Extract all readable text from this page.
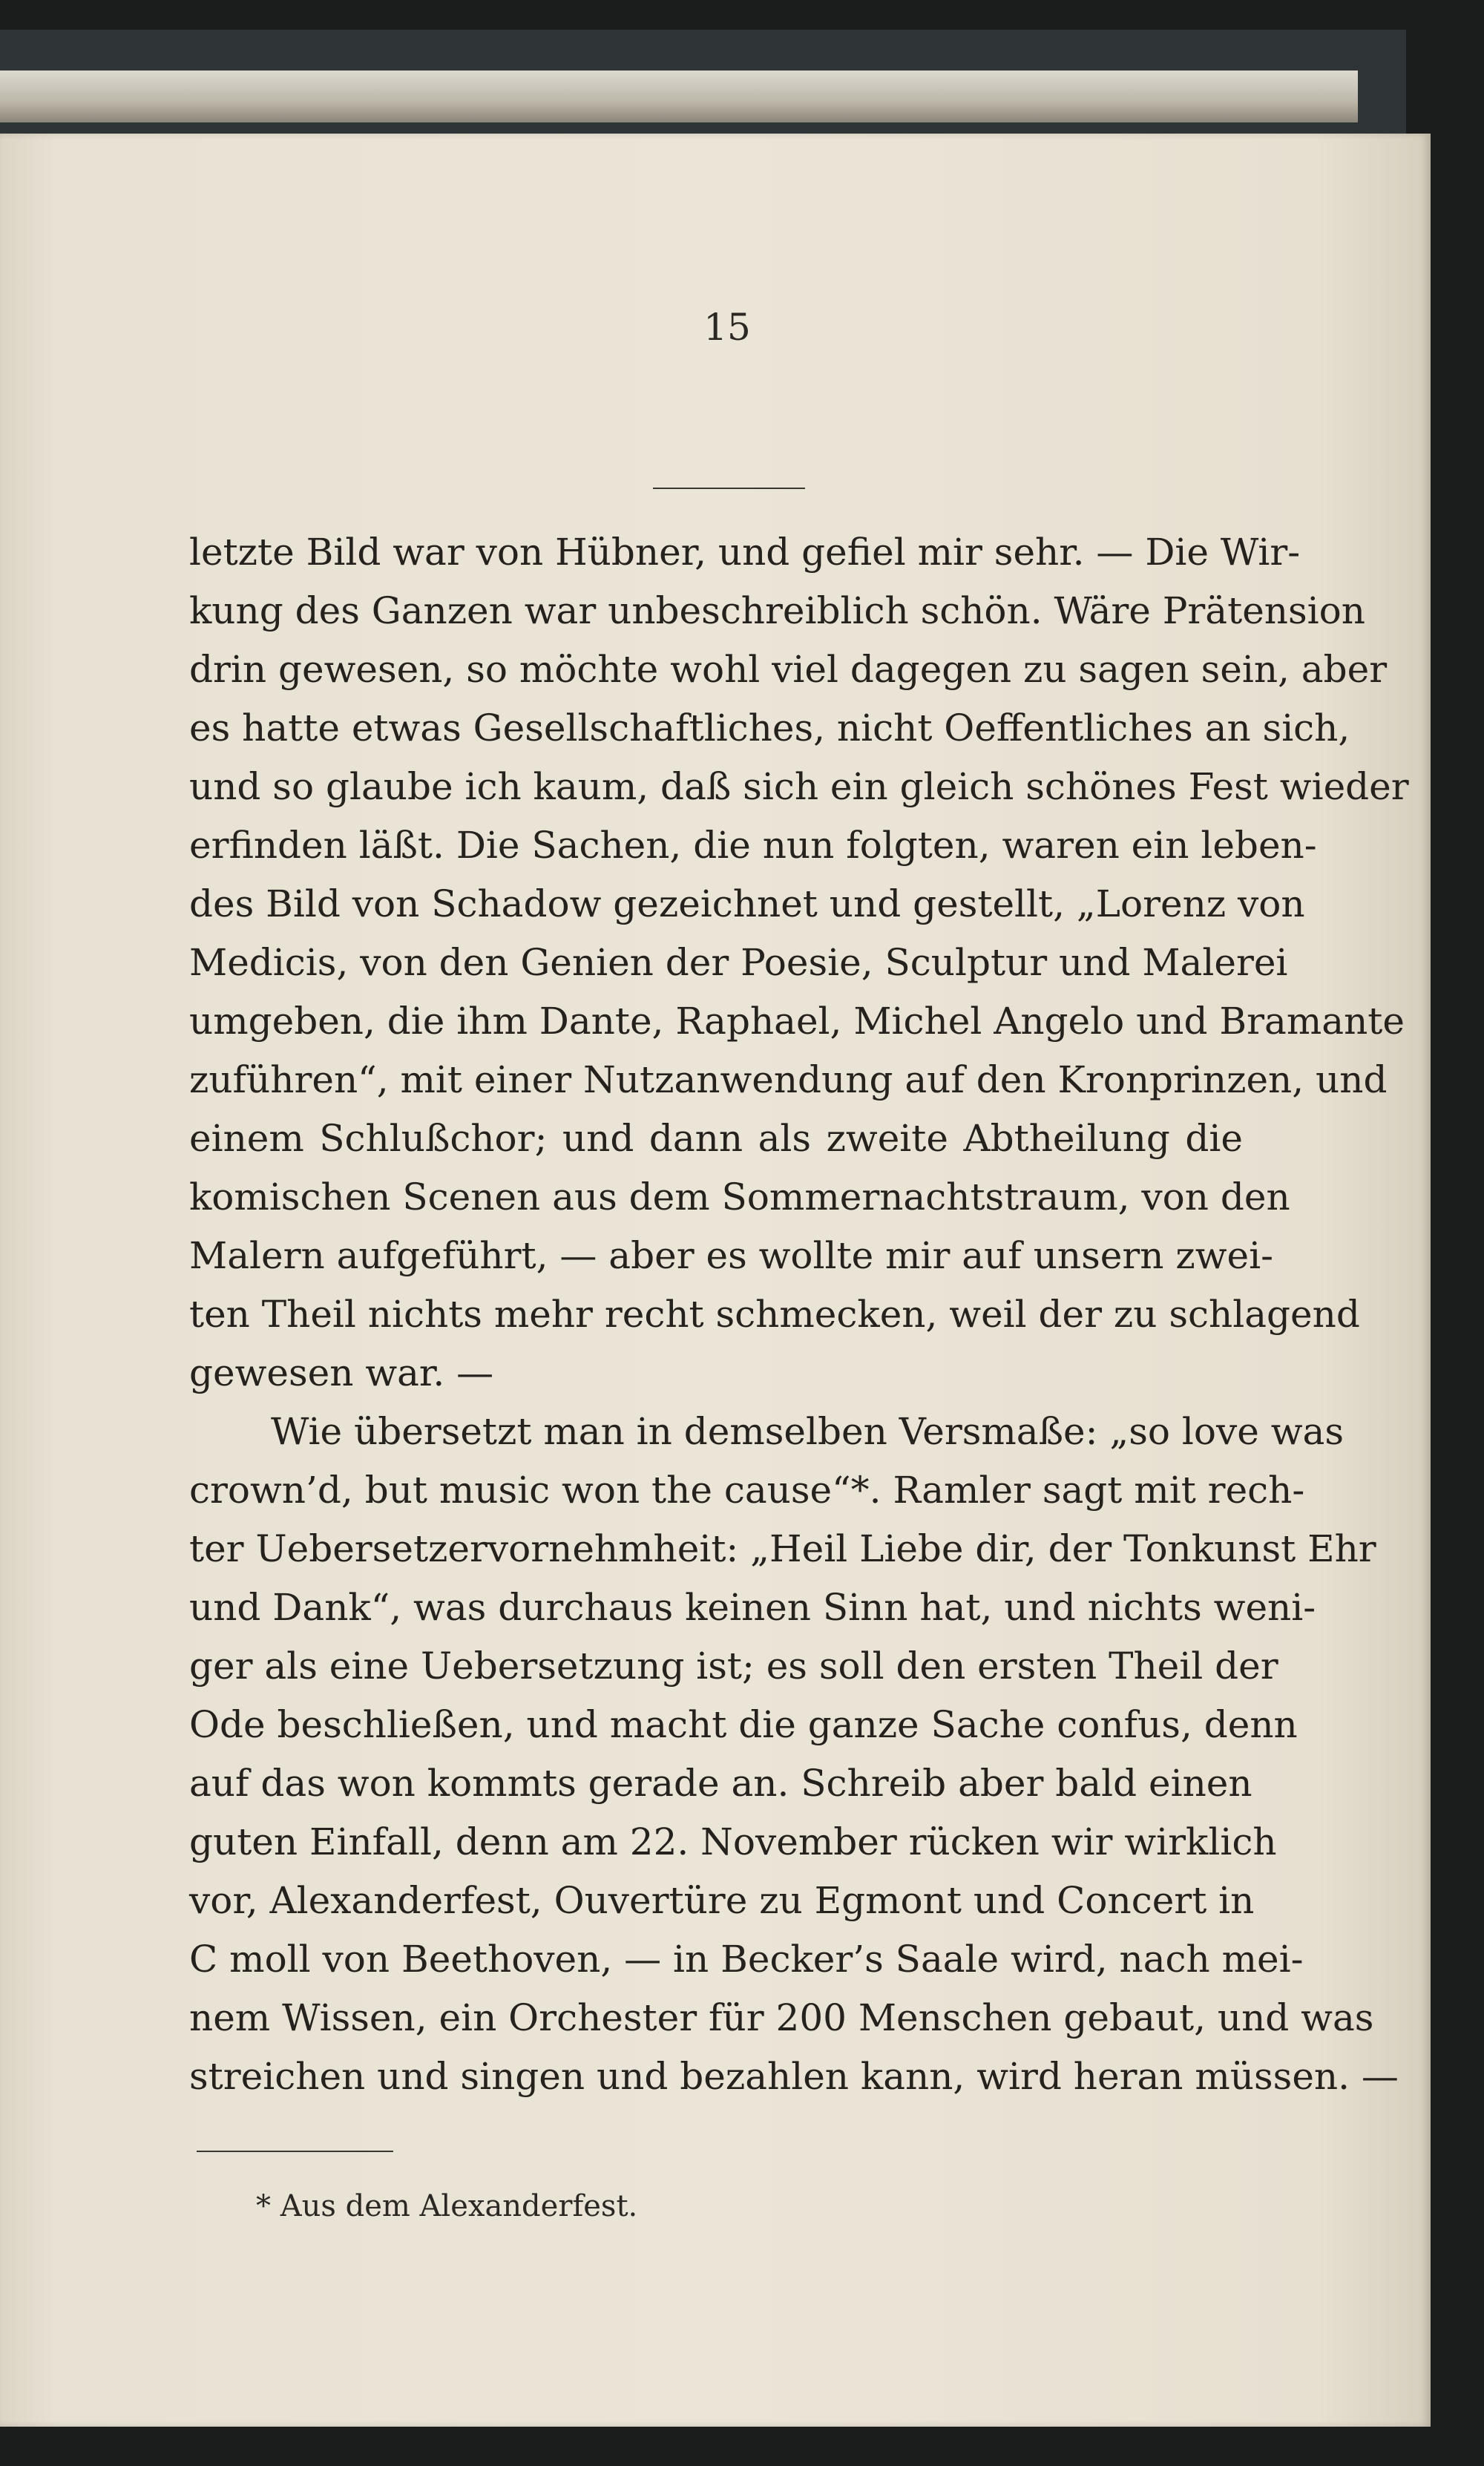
15
letzte Bild war von Hübner, und gefiel mir sehr. — Die Wir-
kung des Ganzen war unbeschreiblich schön. Wäre Prätension
drin gewesen, so möchte wohl viel dagegen zu sagen sein, aber
es hatte etwas Gesellschaftliches, nicht Oeffentliches an sich,
und so glaube ich kaum, daß sich ein gleich schönes Fest wieder
erfinden läßt. Die Sachen, die nun folgten, waren ein leben-
des Bild von Schadow gezeichnet und gestellt, „Lorenz von
Medicis, von den Genien der Poesie, Sculptur und Malerei
umgeben, die ihm Dante, Raphael, Michel Angelo und Bramante
zuführen“, mit einer Nutzanwendung auf den Kronprinzen, und
einem Schlußchor; und dann als zweite Abtheilung die
komischen Scenen aus dem Sommernachtstraum, von den
Malern aufgeführt, — aber es wollte mir auf unsern zwei-
ten Theil nichts mehr recht schmecken, weil der zu schlagend
gewesen war. —
Wie übersetzt man in demselben Versmaße: „so love was
crown’d, but music won the cause“*. Ramler sagt mit rech-
ter Uebersetzervornehmheit: „Heil Liebe dir, der Tonkunst Ehr
und Dank“, was durchaus keinen Sinn hat, und nichts weni-
ger als eine Uebersetzung ist; es soll den ersten Theil der
Ode beschließen, und macht die ganze Sache confus, denn
auf das won kommts gerade an. Schreib aber bald einen
guten Einfall, denn am 22. November rücken wir wirklich
vor, Alexanderfest, Ouvertüre zu Egmont und Concert in
C moll von Beethoven, — in Becker’s Saale wird, nach mei-
nem Wissen, ein Orchester für 200 Menschen gebaut, und was
streichen und singen und bezahlen kann, wird heran müssen. —
* Aus dem Alexanderfest.
